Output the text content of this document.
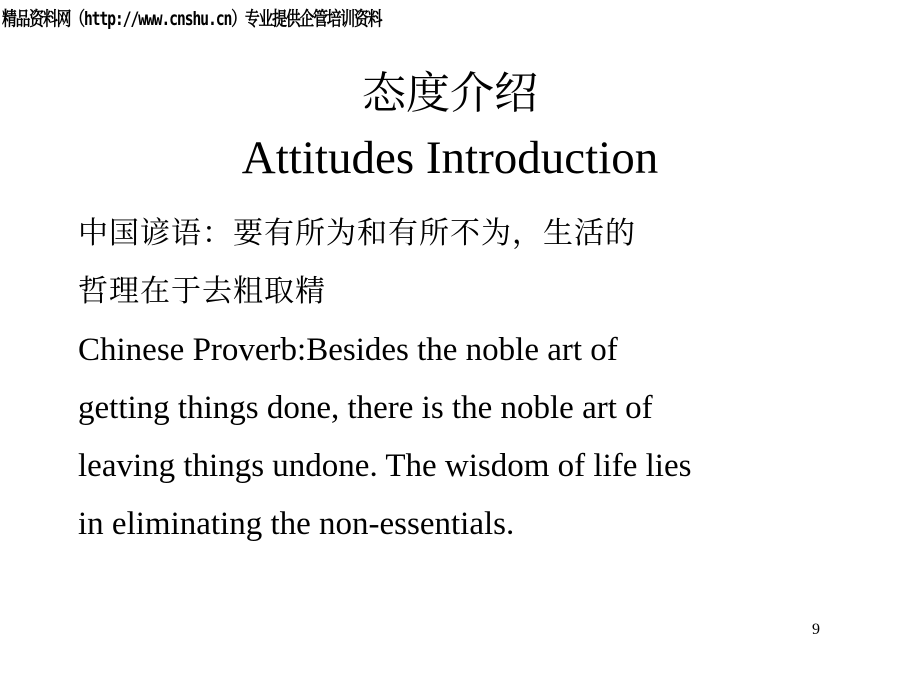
精品资料网（http://www.cnshu.cn）专业提供企管培训资料
态度介绍
Attitudes Introduction
中国谚语：要有所为和有所不为，生活的
哲理在于去粗取精
Chinese Proverb:Besides the noble art of
getting things done, there is the noble art of
leaving things undone. The wisdom of life lies
in eliminating the non-essentials.
9
